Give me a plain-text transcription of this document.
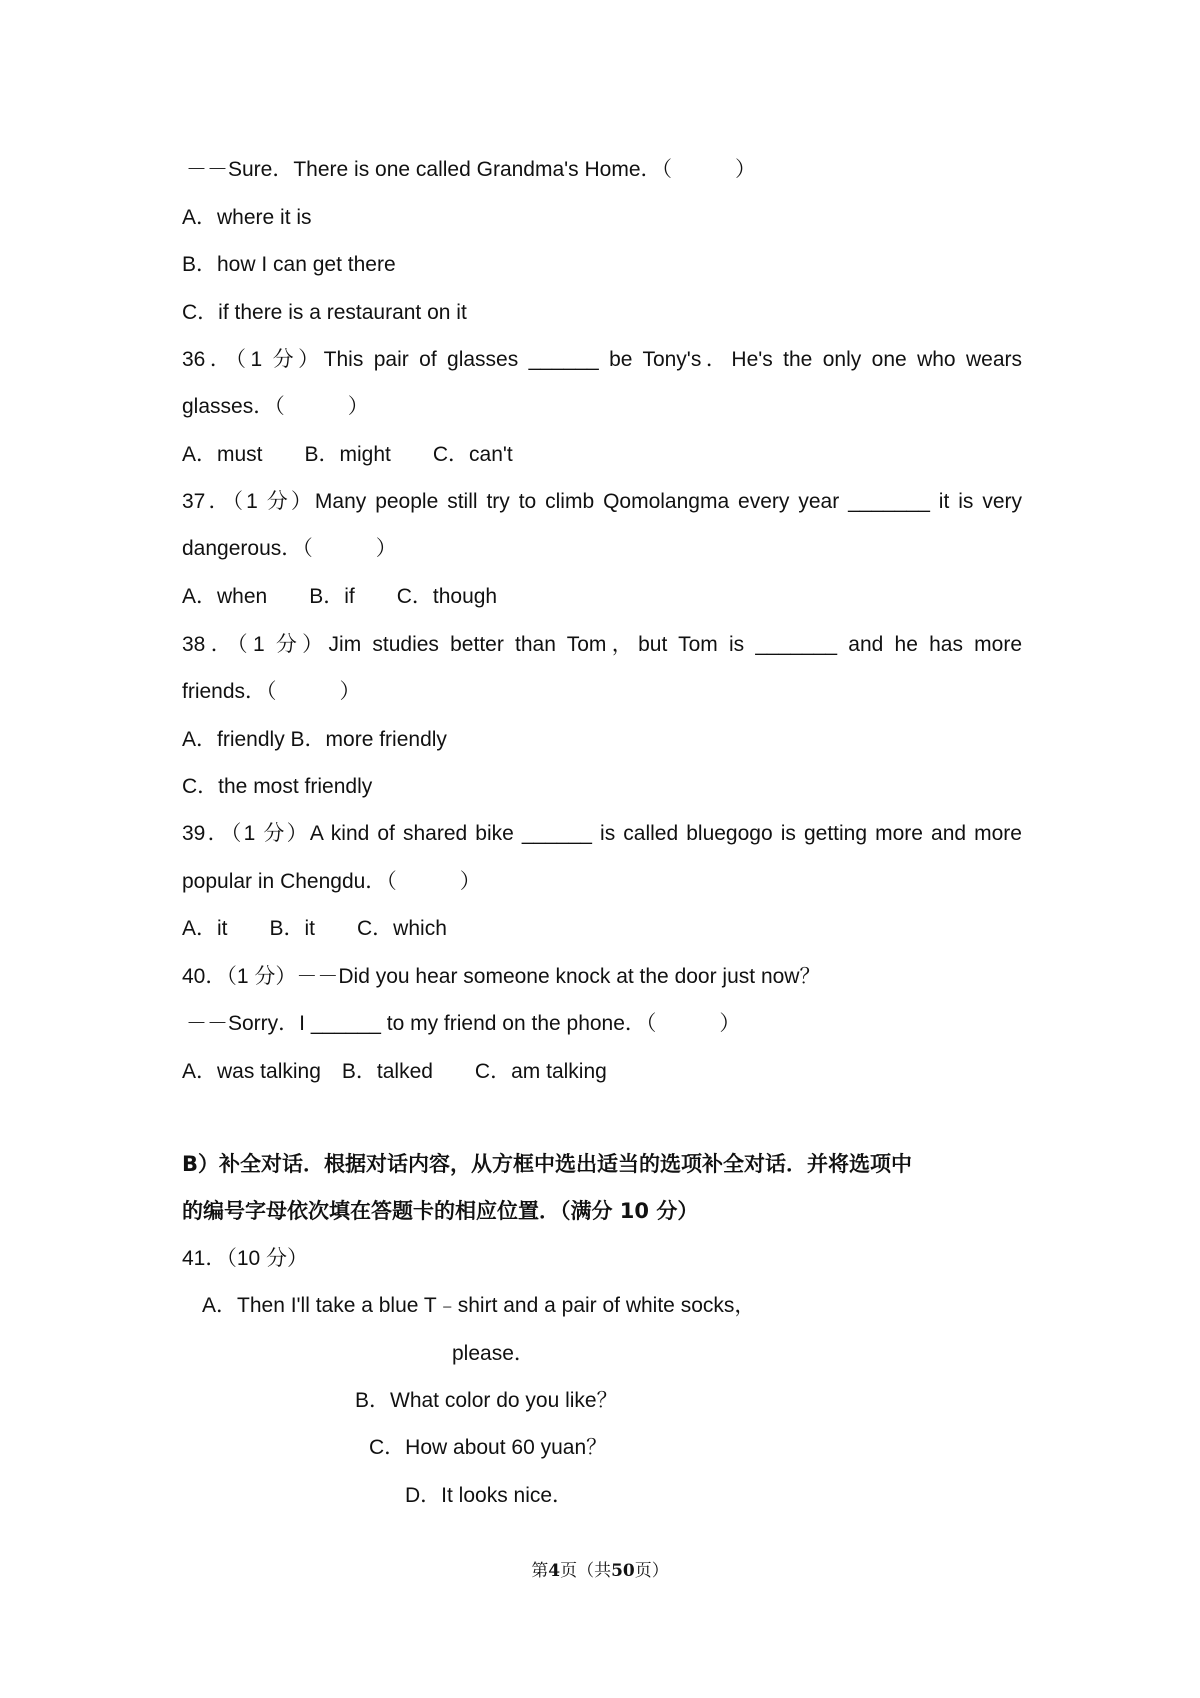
－－Sure．There is one called Grandma's Home．（　　　）
A．where it is
B．how I can get there
C．if there is a restaurant on it
36．（1 分）This pair of glasses ______ be Tony's．He's the only one who wears
glasses．（　　　）
A．must　　B．might　　C．can't
37．（1 分）Many people still try to climb Qomolangma every year _______ it is very
dangerous．（　　　）
A．when　　B．if　　C．though
38．（1 分）Jim studies better than Tom，but Tom is _______ and he has more
friends．（　　　）
A．friendly B．more friendly
C．the most friendly
39．（1 分）A kind of shared bike ______ is called bluegogo is getting more and more
popular in Chengdu．（　　　）
A．it　　B．it　　C．which
40．（1 分）－－Did you hear someone knock at the door just now？
－－Sorry．I ______ to my friend on the phone．（　　　）
A．was talking　B．talked　　C．am talking
B）补全对话．根据对话内容，从方框中选出适当的选项补全对话．并将选项中
的编号字母依次填在答题卡的相应位置．（满分 10 分）
41．（10 分）
A．Then I'll take a blue T﹣shirt and a pair of white socks，
please．
B．What color do you like？
C．How about 60 yuan？
D．It looks nice．
第4页（共50页）
